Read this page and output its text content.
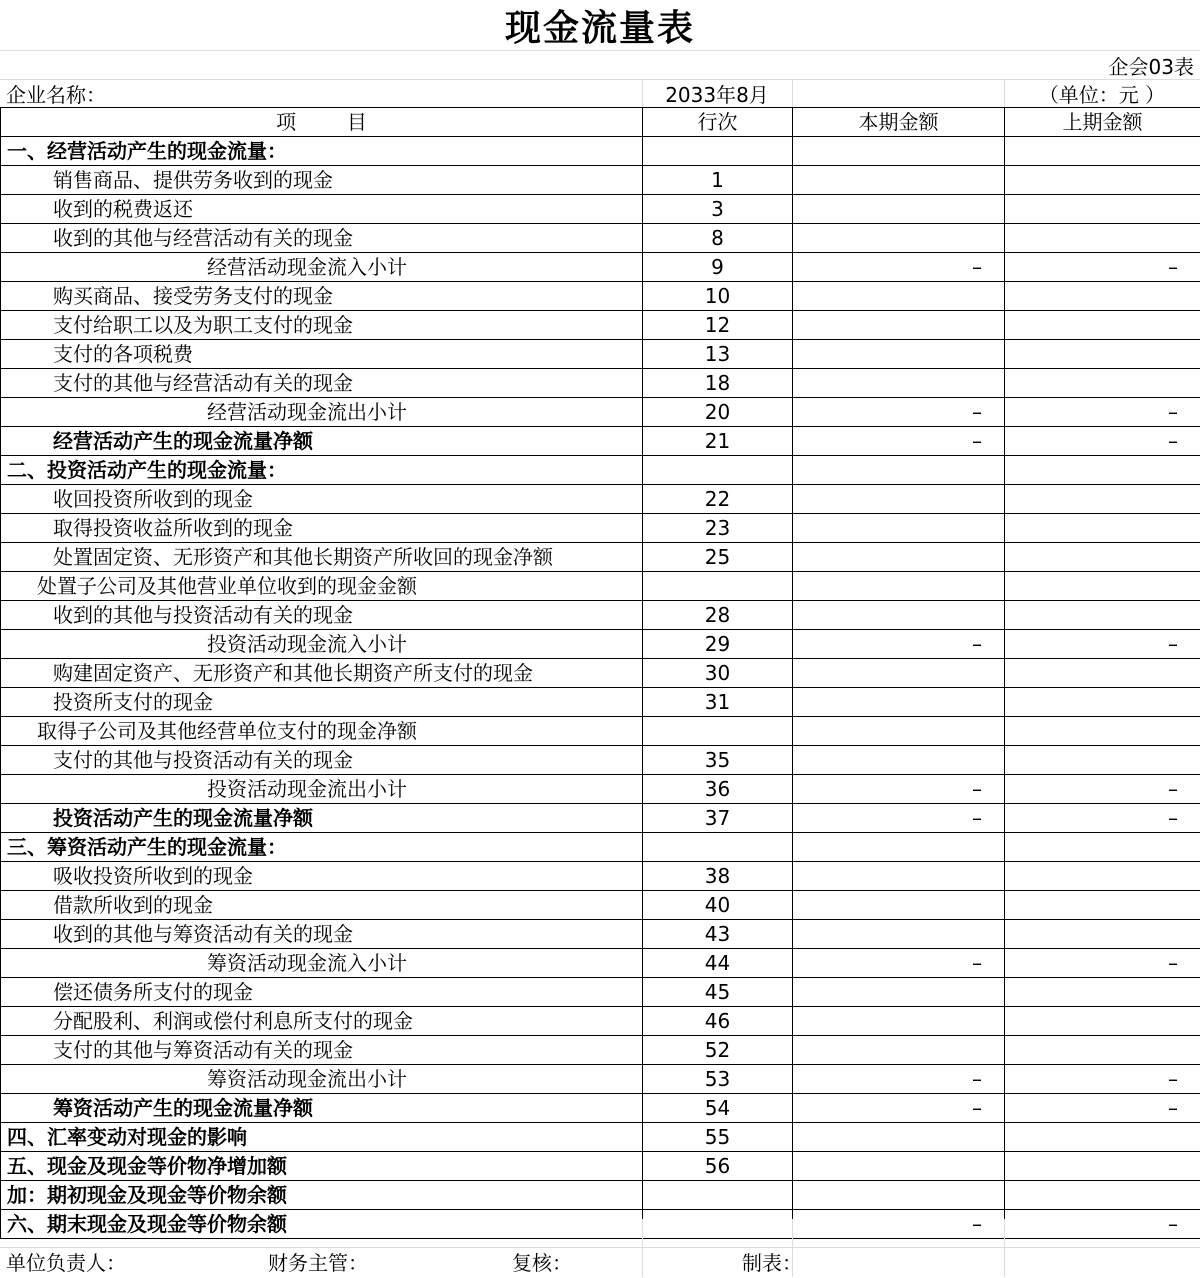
现金流量表
企会03表
企业名称：	2033年8月	（单位：元 ）
项        目	行次	本期金额	上期金额
一、经营活动产生的现金流量：			
销售商品、提供劳务收到的现金	1		
收到的税费返还	3		
收到的其他与经营活动有关的现金	8		
经营活动现金流入小计	9	–	–
购买商品、接受劳务支付的现金	10		
支付给职工以及为职工支付的现金	12		
支付的各项税费	13		
支付的其他与经营活动有关的现金	18		
经营活动现金流出小计	20	–	–
经营活动产生的现金流量净额	21	–	–
二、投资活动产生的现金流量：			
收回投资所收到的现金	22		
取得投资收益所收到的现金	23		
处置固定资、无形资产和其他长期资产所收回的现金净额	25		
处置子公司及其他营业单位收到的现金金额			
收到的其他与投资活动有关的现金	28		
投资活动现金流入小计	29	–	–
购建固定资产、无形资产和其他长期资产所支付的现金	30		
投资所支付的现金	31		
取得子公司及其他经营单位支付的现金净额			
支付的其他与投资活动有关的现金	35		
投资活动现金流出小计	36	–	–
投资活动产生的现金流量净额	37	–	–
三、筹资活动产生的现金流量：			
吸收投资所收到的现金	38		
借款所收到的现金	40		
收到的其他与筹资活动有关的现金	43		
筹资活动现金流入小计	44	–	–
偿还债务所支付的现金	45		
分配股利、利润或偿付利息所支付的现金	46		
支付的其他与筹资活动有关的现金	52		
筹资活动现金流出小计	53	–	–
筹资活动产生的现金流量净额	54	–	–
四、汇率变动对现金的影响	55		
五、现金及现金等价物净增加额	56		
加：期初现金及现金等价物余额			
六、期末现金及现金等价物余额		–	–
单位负责人：	财务主管：	复核：	制表：
